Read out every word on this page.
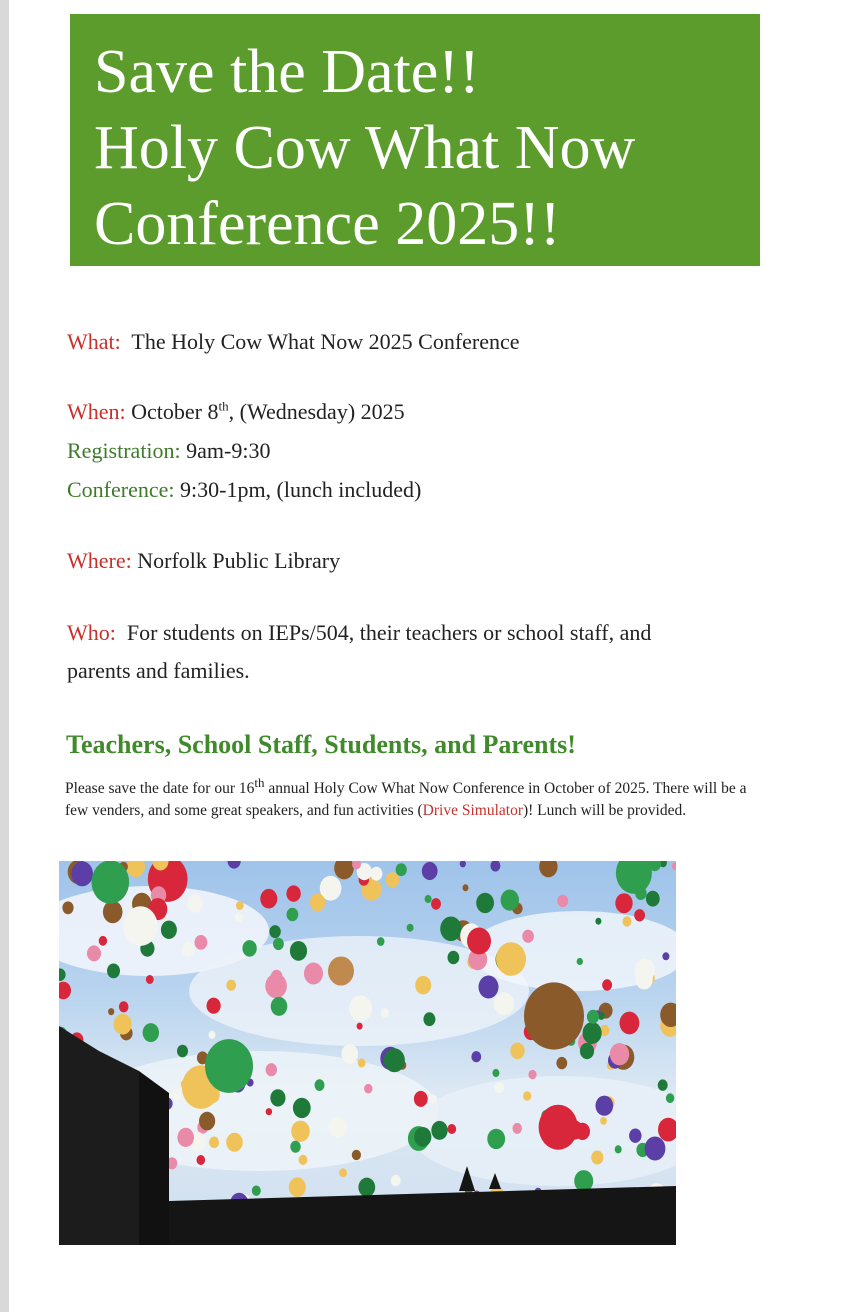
Save the Date!!
Holy Cow What Now
Conference 2025!!
What: The Holy Cow What Now 2025 Conference
When: October 8th, (Wednesday) 2025
Registration: 9am-9:30
Conference: 9:30-1pm, (lunch included)
Where: Norfolk Public Library
Who: For students on IEPs/504, their teachers or school staff, and
parents and families.
Teachers, School Staff, Students, and Parents!
Please save the date for our 16th annual Holy Cow What Now Conference in October of 2025. There will be a few venders, and some great speakers, and fun activities (Drive Simulator)! Lunch will be provided.
